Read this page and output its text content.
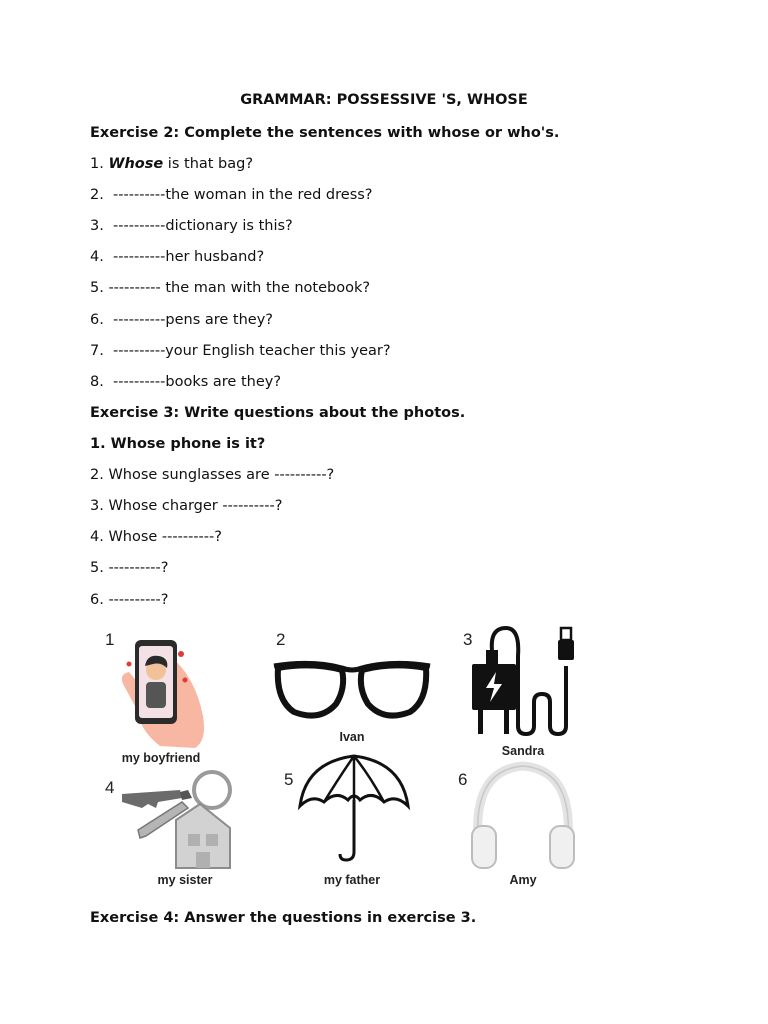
GRAMMAR: POSSESSIVE 'S, WHOSE
Exercise 2: Complete the sentences with whose or who's.
1. Whose is that bag?
2.  ----------the woman in the red dress?
3.  ----------dictionary is this?
4.  ----------her husband?
5. ---------- the man with the notebook?
6.  ----------pens are they?
7.  ----------your English teacher this year?
8.  ----------books are they?
Exercise 3: Write questions about the photos.
1. Whose phone is it?
2. Whose sunglasses are ----------?
3. Whose charger ----------?
4. Whose ----------?
5. ----------?
6. ----------?
1
my boyfriend
2
Ivan
3
Sandra
4
my sister
5
my father
6
Amy
Exercise 4: Answer the questions in exercise 3.
